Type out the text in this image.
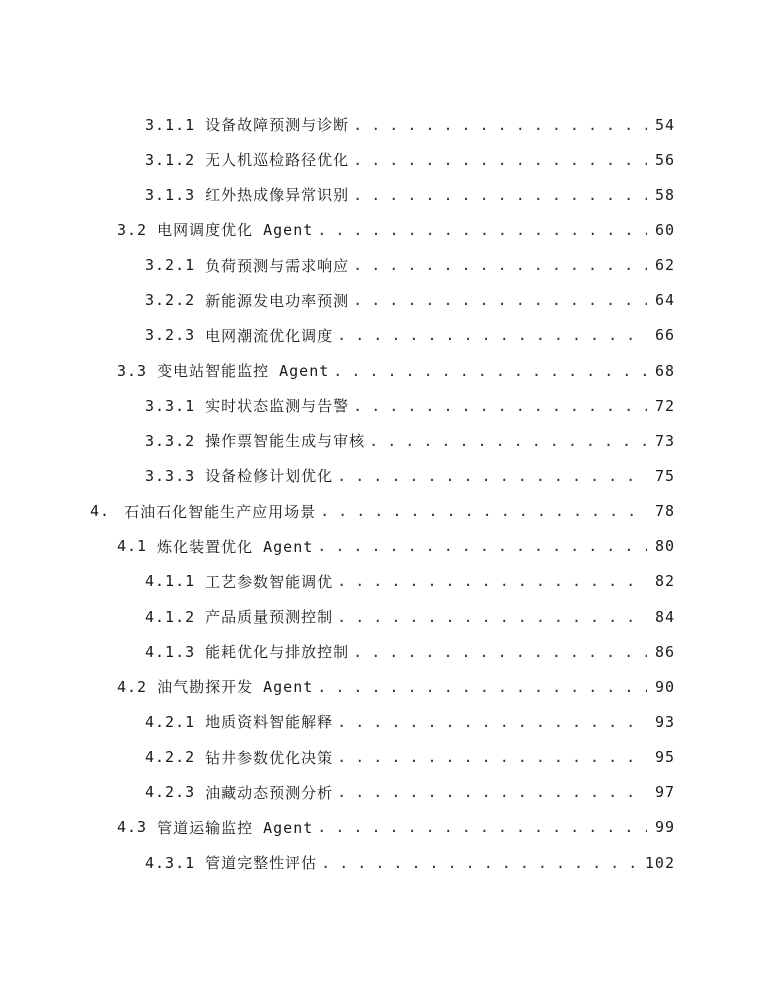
3.1.1 设备故障预测与诊断 . . .	54
3.1.2 无人机巡检路径优化 . . .	56
3.1.3 红外热成像异常识别 . . .	58
3.2 电网调度优化 Agent . . .	60
3.2.1 负荷预测与需求响应 . . .	62
3.2.2 新能源发电功率预测 . . .	64
3.2.3 电网潮流优化调度 . . .	66
3.3 变电站智能监控 Agent . . .	68
3.3.1 实时状态监测与告警 . . .	72
3.3.2 操作票智能生成与审核 . . .	73
3.3.3 设备检修计划优化 . . .	75
4. 石油石化智能生产应用场景 . . .	78
4.1 炼化装置优化 Agent . . .	80
4.1.1 工艺参数智能调优 . . .	82
4.1.2 产品质量预测控制 . . .	84
4.1.3 能耗优化与排放控制 . . .	86
4.2 油气勘探开发 Agent . . .	90
4.2.1 地质资料智能解释 . . .	93
4.2.2 钻井参数优化决策 . . .	95
4.2.3 油藏动态预测分析 . . .	97
4.3 管道运输监控 Agent . . .	99
4.3.1 管道完整性评估 . . .	102
